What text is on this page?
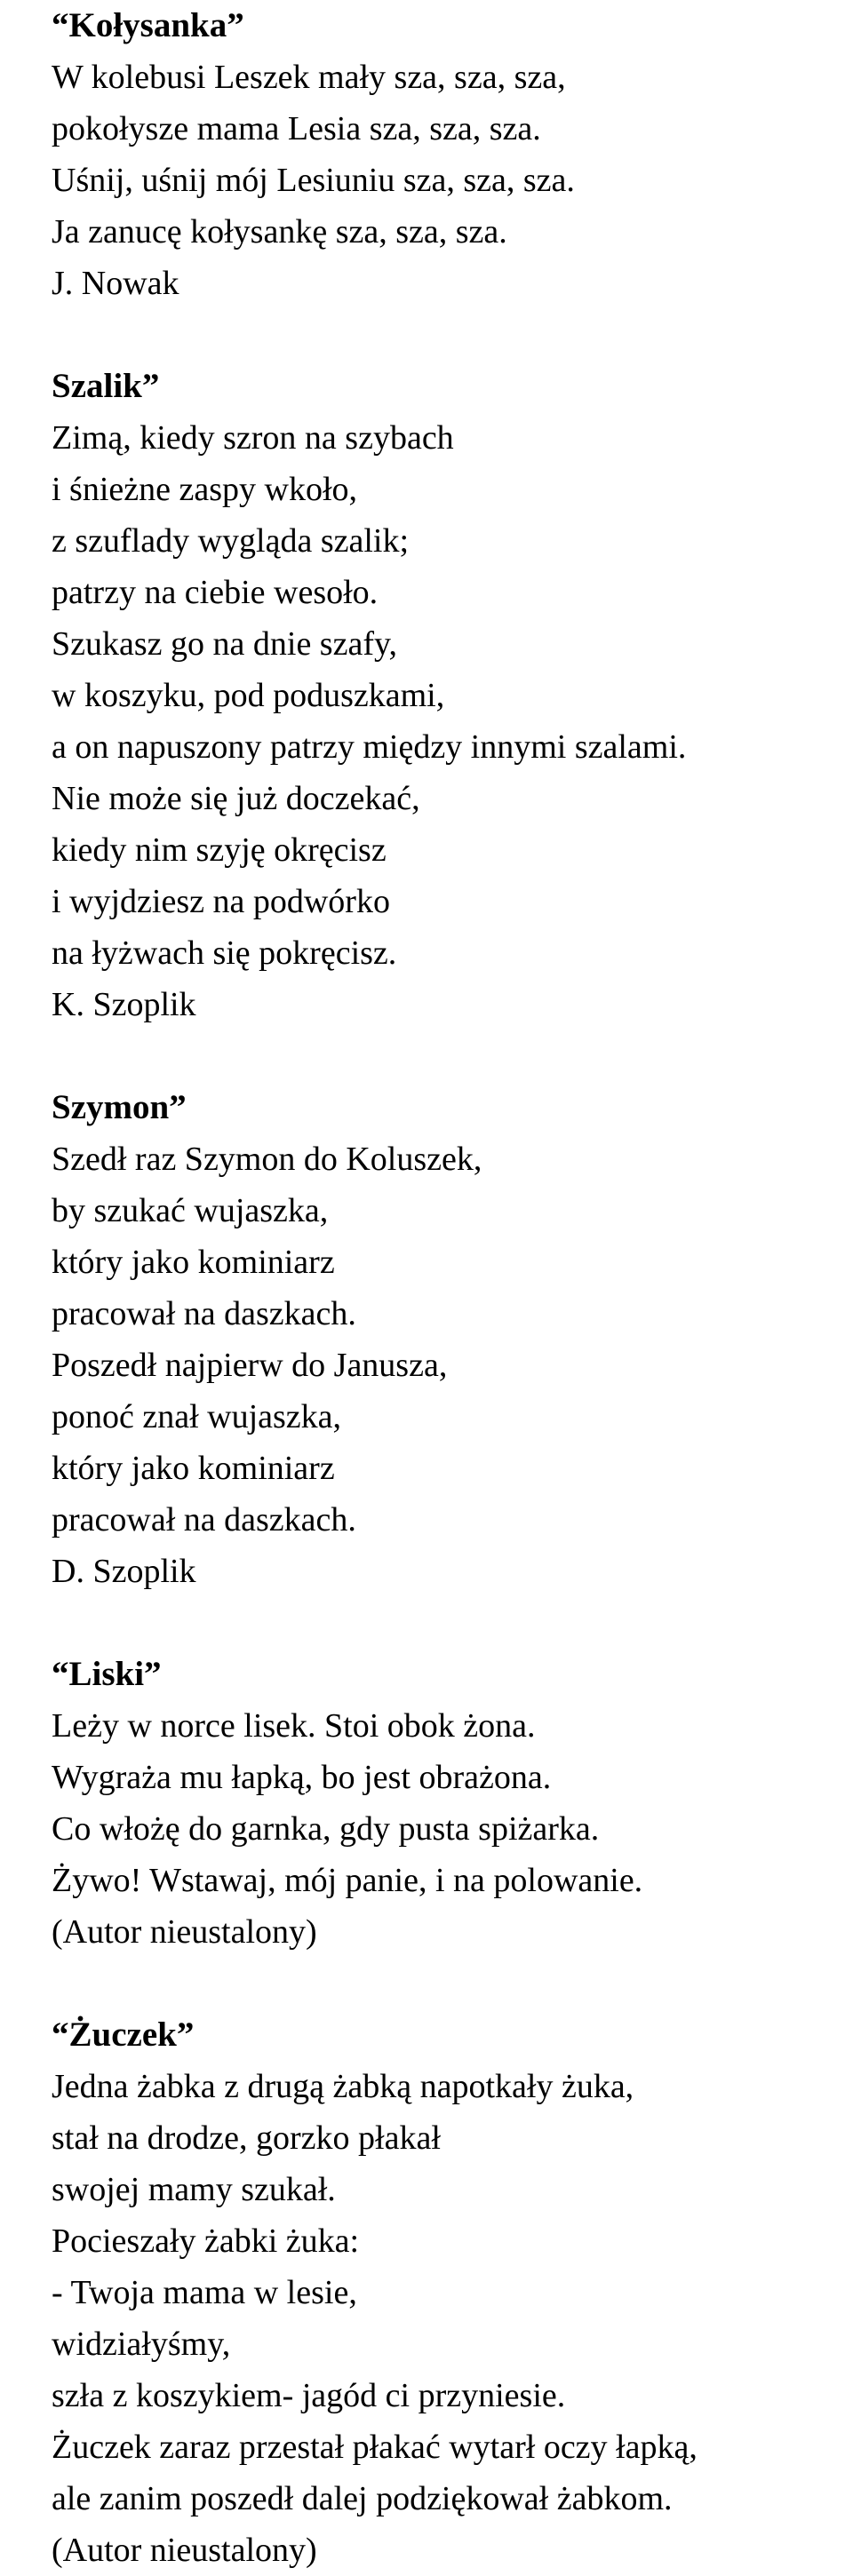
“Kołysanka”
W kolebusi Leszek mały sza, sza, sza,
pokołysze mama Lesia sza, sza, sza.
Uśnij, uśnij mój Lesiuniu sza, sza, sza.
Ja zanucę kołysankę sza, sza, sza.
J. Nowak
Szalik”
Zimą, kiedy szron na szybach
i śnieżne zaspy wkoło,
z szuflady wygląda szalik;
patrzy na ciebie wesoło.
Szukasz go na dnie szafy,
w koszyku, pod poduszkami,
a on napuszony patrzy między innymi szalami.
Nie może się już doczekać,
kiedy nim szyję okręcisz
i wyjdziesz na podwórko
na łyżwach się pokręcisz.
K. Szoplik
Szymon”
Szedł raz Szymon do Koluszek,
by szukać wujaszka,
który jako kominiarz
pracował na daszkach.
Poszedł najpierw do Janusza,
ponoć znał wujaszka,
który jako kominiarz
pracował na daszkach.
D. Szoplik
“Liski”
Leży w norce lisek. Stoi obok żona.
Wygraża mu łapką, bo jest obrażona.
Co włożę do garnka, gdy pusta spiżarka.
Żywo! Wstawaj, mój panie, i na polowanie.
(Autor nieustalony)
“Żuczek”
Jedna żabka z drugą żabką napotkały żuka,
stał na drodze, gorzko płakał
swojej mamy szukał.
Pocieszały żabki żuka:
- Twoja mama w lesie,
widziałyśmy,
szła z koszykiem- jagód ci przyniesie.
Żuczek zaraz przestał płakać wytarł oczy łapką,
ale zanim poszedł dalej podziękował żabkom.
(Autor nieustalony)
